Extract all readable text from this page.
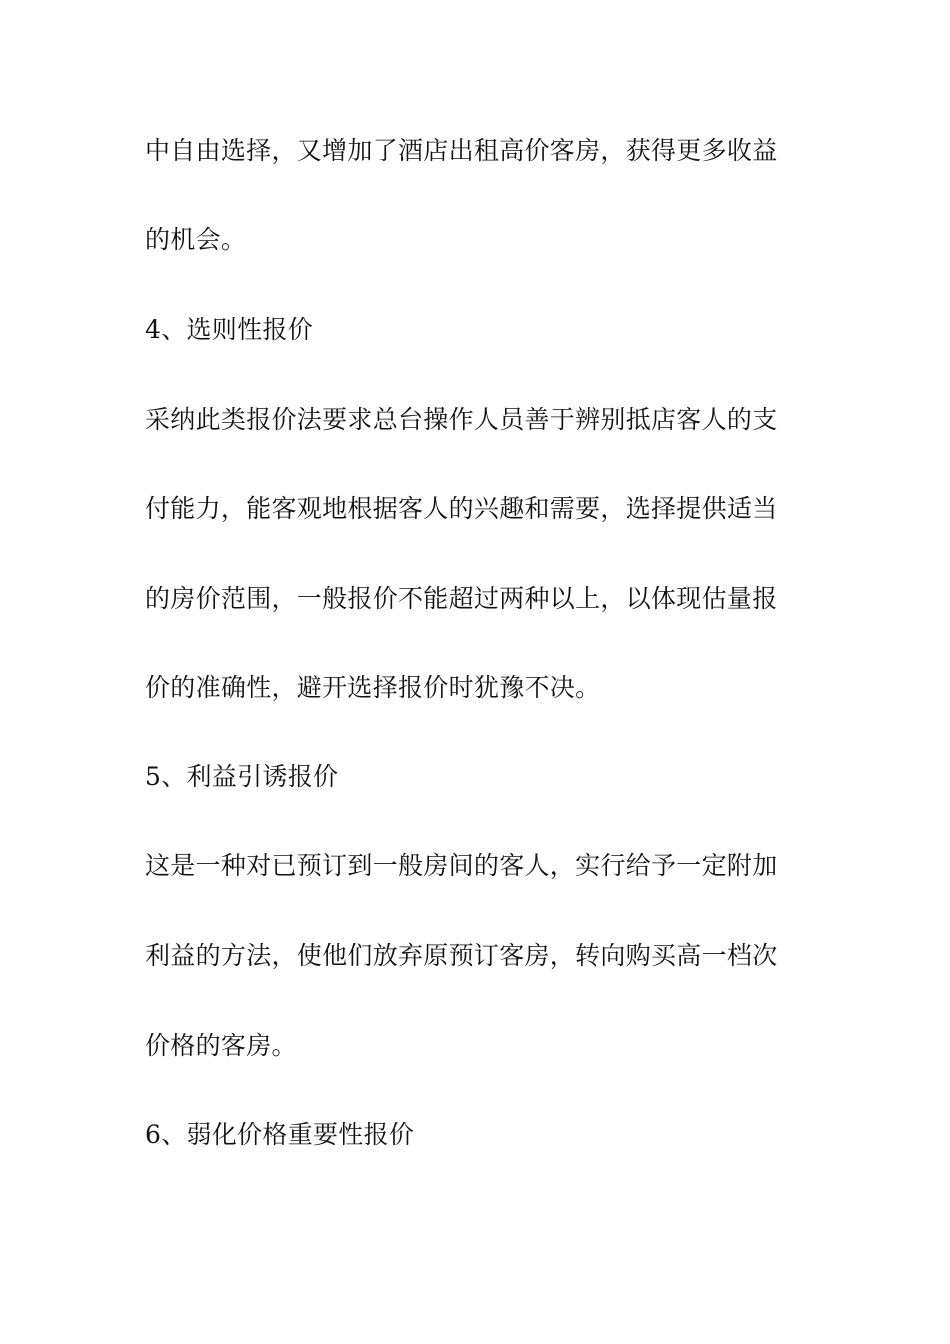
中自由选择，又增加了酒店出租高价客房，获得更多收益
的机会。
4、选则性报价
采纳此类报价法要求总台操作人员善于辨别抵店客人的支
付能力，能客观地根据客人的兴趣和需要，选择提供适当
的房价范围，一般报价不能超过两种以上，以体现估量报
价的准确性，避开选择报价时犹豫不决。
5、利益引诱报价
这是一种对已预订到一般房间的客人，实行给予一定附加
利益的方法，使他们放弃原预订客房，转向购买高一档次
价格的客房。
6、弱化价格重要性报价
